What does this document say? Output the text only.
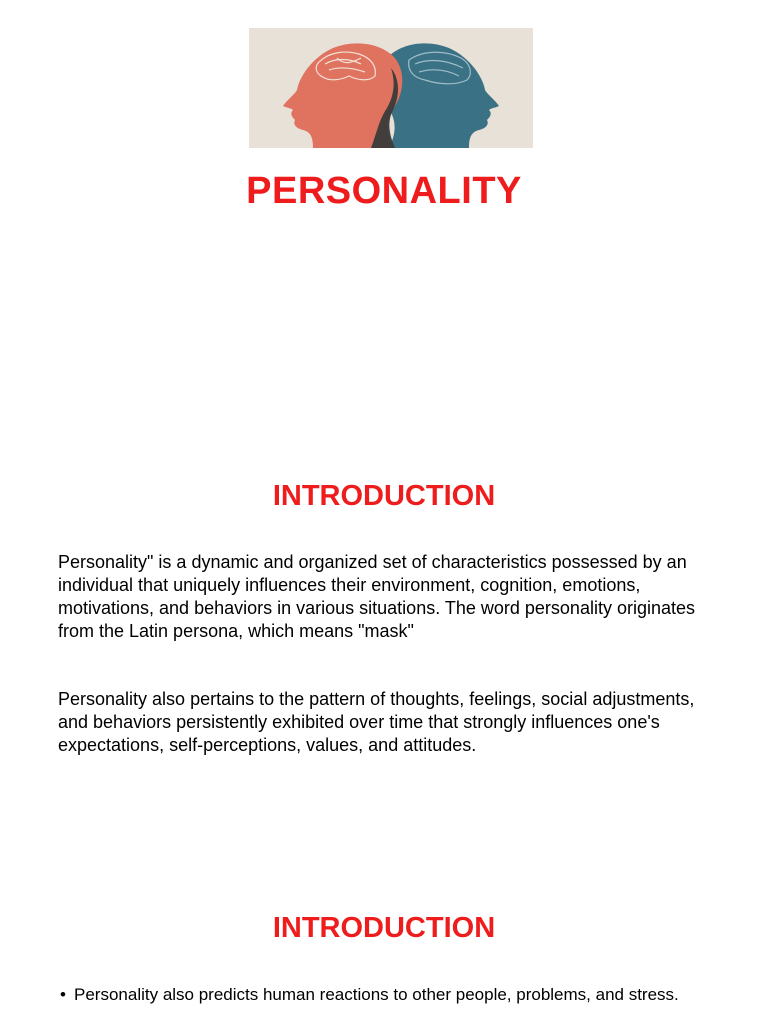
PERSONALITY
INTRODUCTION

Personality" is a dynamic and organized set of characteristics possessed by an individual that uniquely influences their environment, cognition, emotions, motivations, and behaviors in various situations. The word personality originates from the Latin persona, which means "mask"

Personality also pertains to the pattern of thoughts, feelings, social adjustments, and behaviors persistently exhibited over time that strongly influences one's expectations, self-perceptions, values, and attitudes.

INTRODUCTION

• Personality also predicts human reactions to other people, problems, and stress.
